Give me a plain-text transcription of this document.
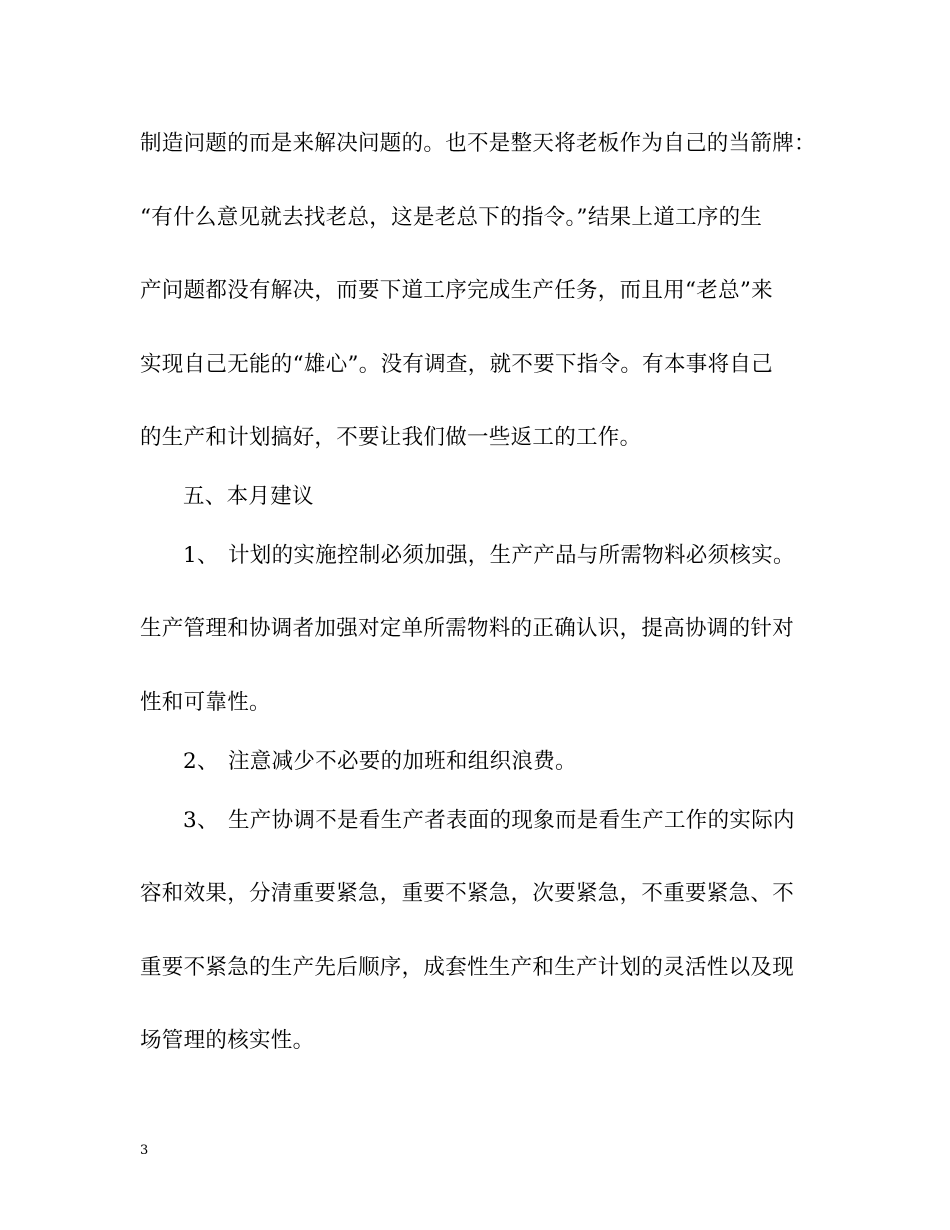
制造问题的而是来解决问题的。也不是整天将老板作为自己的当箭牌：
“有什么意见就去找老总，这是老总下的指令。”结果上道工序的生
产问题都没有解决，而要下道工序完成生产任务，而且用“老总”来
实现自己无能的“雄心”。没有调查，就不要下指令。有本事将自己
的生产和计划搞好，不要让我们做一些返工的工作。
五、本月建议
1、 计划的实施控制必须加强，生产产品与所需物料必须核实。
生产管理和协调者加强对定单所需物料的正确认识，提高协调的针对
性和可靠性。
2、 注意减少不必要的加班和组织浪费。
3、 生产协调不是看生产者表面的现象而是看生产工作的实际内
容和效果，分清重要紧急，重要不紧急，次要紧急，不重要紧急、不
重要不紧急的生产先后顺序，成套性生产和生产计划的灵活性以及现
场管理的核实性。
3
